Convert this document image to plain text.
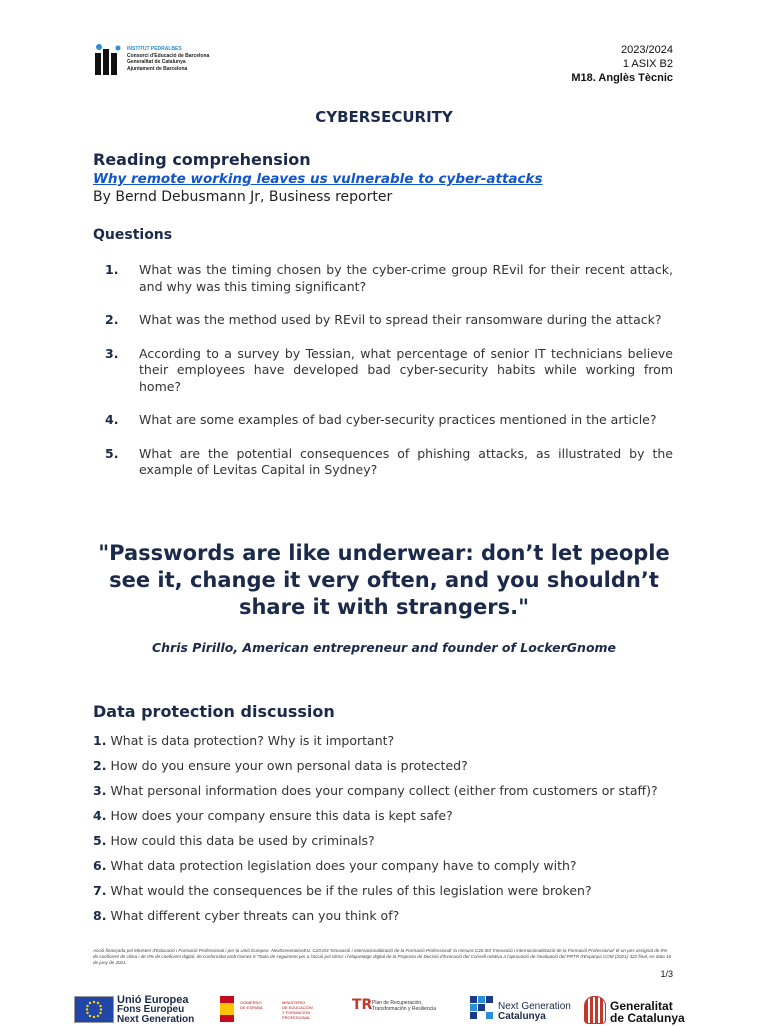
INSTITUT PEDRALBES
Consorci d'Educació de Barcelona
Generalitat de Catalunya
Ajuntament de Barcelona
2023/2024
1 ASIX B2
M18. Anglès Tècnic
CYBERSECURITY
Reading comprehension
Why remote working leaves us vulnerable to cyber-attacks
By Bernd Debusmann Jr, Business reporter
Questions
1. What was the timing chosen by the cyber-crime group REvil for their recent attack, and why was this timing significant?
2. What was the method used by REvil to spread their ransomware during the attack?
3. According to a survey by Tessian, what percentage of senior IT technicians believe their employees have developed bad cyber-security habits while working from home?
4. What are some examples of bad cyber-security practices mentioned in the article?
5. What are the potential consequences of phishing attacks, as illustrated by the example of Levitas Capital in Sydney?
"Passwords are like underwear: don’t let people see it, change it very often, and you shouldn’t share it with strangers."
Chris Pirillo, American entrepreneur and founder of LockerGnome
Data protection discussion
1. What is data protection? Why is it important?
2. How do you ensure your own personal data is protected?
3. What personal information does your company collect (either from customers or staff)?
4. How does your company ensure this data is kept safe?
5. How could this data be used by criminals?
6. What data protection legislation does your company have to comply with?
7. What would the consequences be if the rules of this legislation were broken?
8. What different cyber threats can you think of?
Acció finançada pel Ministeri d'Educació i Formació Professional i per la Unió Europea -NextGenerationEU. C20.I03 'Innovació i internacionalització de la Formació Professional' la mesura C20.I03 'Innovació i internacionalització de la Formació Professional' té un pes assignat de 0% de coeficient de clima i de 0% de coeficient digital, de conformitat amb l'annex 6 'Taula de seguiment per a l'acció pel clima' i l'etiquetatge digital de la Proposta de Decisió d'Execució del Consell relativa a l'aprovació de l'avaluació del PRTR d'Espanya COM (2021) 322 final, en data 16 de juny de 2021.
1/3
Unió Europea
Fons Europeu
Next Generation
GOBIERNO
DE ESPAÑA
MINISTERIO
DE EDUCACIÓN
Y FORMACIÓN PROFESIONAL
TR Plan de Recuperación,
Transformación y Resiliencia	Next Generation
Catalunya
Generalitat
de Catalunya
